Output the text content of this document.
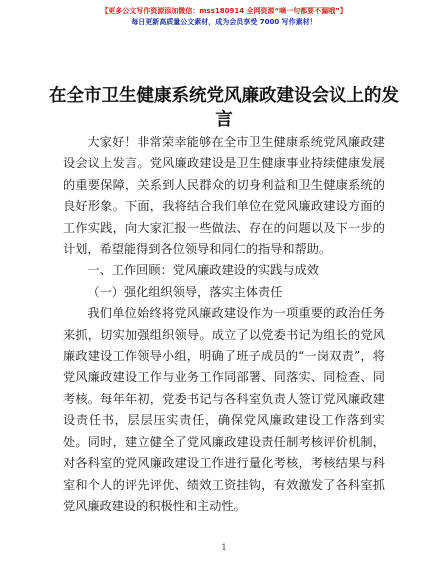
【更多公文写作资源添加微信：mss180914 全网资源“嘀一句都要不漏哦”】
每日更新高质量公文素材，成为会员享受 7000 写作素材！
在全市卫生健康系统党风廉政建设会议上的发言

大家好！非常荣幸能够在全市卫生健康系统党风廉政建设会议上发言。党风廉政建设是卫生健康事业持续健康发展的重要保障，关系到人民群众的切身利益和卫生健康系统的良好形象。下面，我将结合我们单位在党风廉政建设方面的工作实践，向大家汇报一些做法、存在的问题以及下一步的计划，希望能得到各位领导和同仁的指导和帮助。

一、工作回顾：党风廉政建设的实践与成效

（一）强化组织领导，落实主体责任

我们单位始终将党风廉政建设作为一项重要的政治任务来抓，切实加强组织领导。成立了以党委书记为组长的党风廉政建设工作领导小组，明确了班子成员的“一岗双责”，将党风廉政建设工作与业务工作同部署、同落实、同检查、同考核。每年年初，党委书记与各科室负责人签订党风廉政建设责任书，层层压实责任，确保党风廉政建设工作落到实处。同时，建立健全了党风廉政建设责任制考核评价机制，对各科室的党风廉政建设工作进行量化考核，考核结果与科室和个人的评先评优、绩效工资挂钩，有效激发了各科室抓党风廉政建设的积极性和主动性。

1
